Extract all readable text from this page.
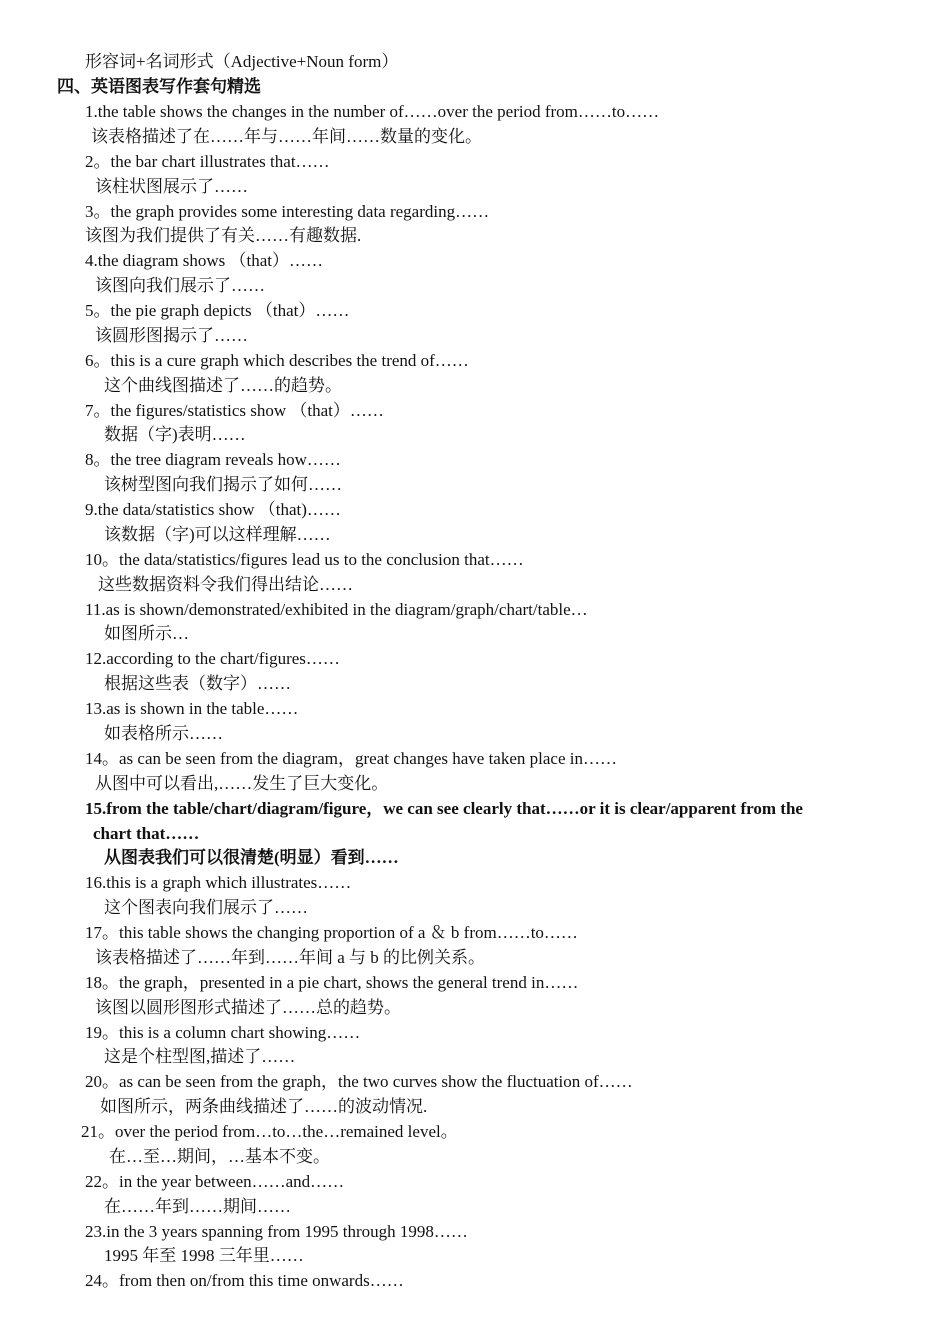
形容词+名词形式（Adjective+Noun form）
四、英语图表写作套句精选
1.the table shows the changes in the number of……over the period from……to……
该表格描述了在……年与……年间……数量的变化。
2。the bar chart illustrates that……
该柱状图展示了……
3。the graph provides some interesting data regarding……
该图为我们提供了有关……有趣数据.
4.the diagram shows （that）……
该图向我们展示了……
5。the pie graph depicts （that）……
该圆形图揭示了……
6。this is a cure graph which describes the trend of……
这个曲线图描述了……的趋势。
7。the figures/statistics show （that）……
数据（字)表明……
8。the tree diagram reveals how……
该树型图向我们揭示了如何……
9.the data/statistics show （that)……
该数据（字)可以这样理解……
10。the data/statistics/figures lead us to the conclusion that……
这些数据资料令我们得出结论……
11.as is shown/demonstrated/exhibited in the diagram/graph/chart/table…
如图所示…
12.according to the chart/figures……
根据这些表（数字）……
13.as is shown in the table……
如表格所示……
14。as can be seen from the diagram，great changes have taken place in……
从图中可以看出,……发生了巨大变化。
15.from the table/chart/diagram/figure，we can see clearly that……or it is clear/apparent from the
chart that……
从图表我们可以很清楚(明显）看到……
16.this is a graph which illustrates……
这个图表向我们展示了……
17。this table shows the changing proportion of a ＆ b from……to……
该表格描述了……年到……年间 a 与 b 的比例关系。
18。the graph，presented in a pie chart, shows the general trend in……
该图以圆形图形式描述了……总的趋势。
19。this is a column chart showing……
这是个柱型图,描述了……
20。as can be seen from the graph，the two curves show the fluctuation of……
如图所示，两条曲线描述了……的波动情况.
21。over the period from…to…the…remained level。
在…至…期间，…基本不变。
22。in the year between……and……
在……年到……期间……
23.in the 3 years spanning from 1995 through 1998……
1995 年至 1998 三年里……
24。from then on/from this time onwards……
